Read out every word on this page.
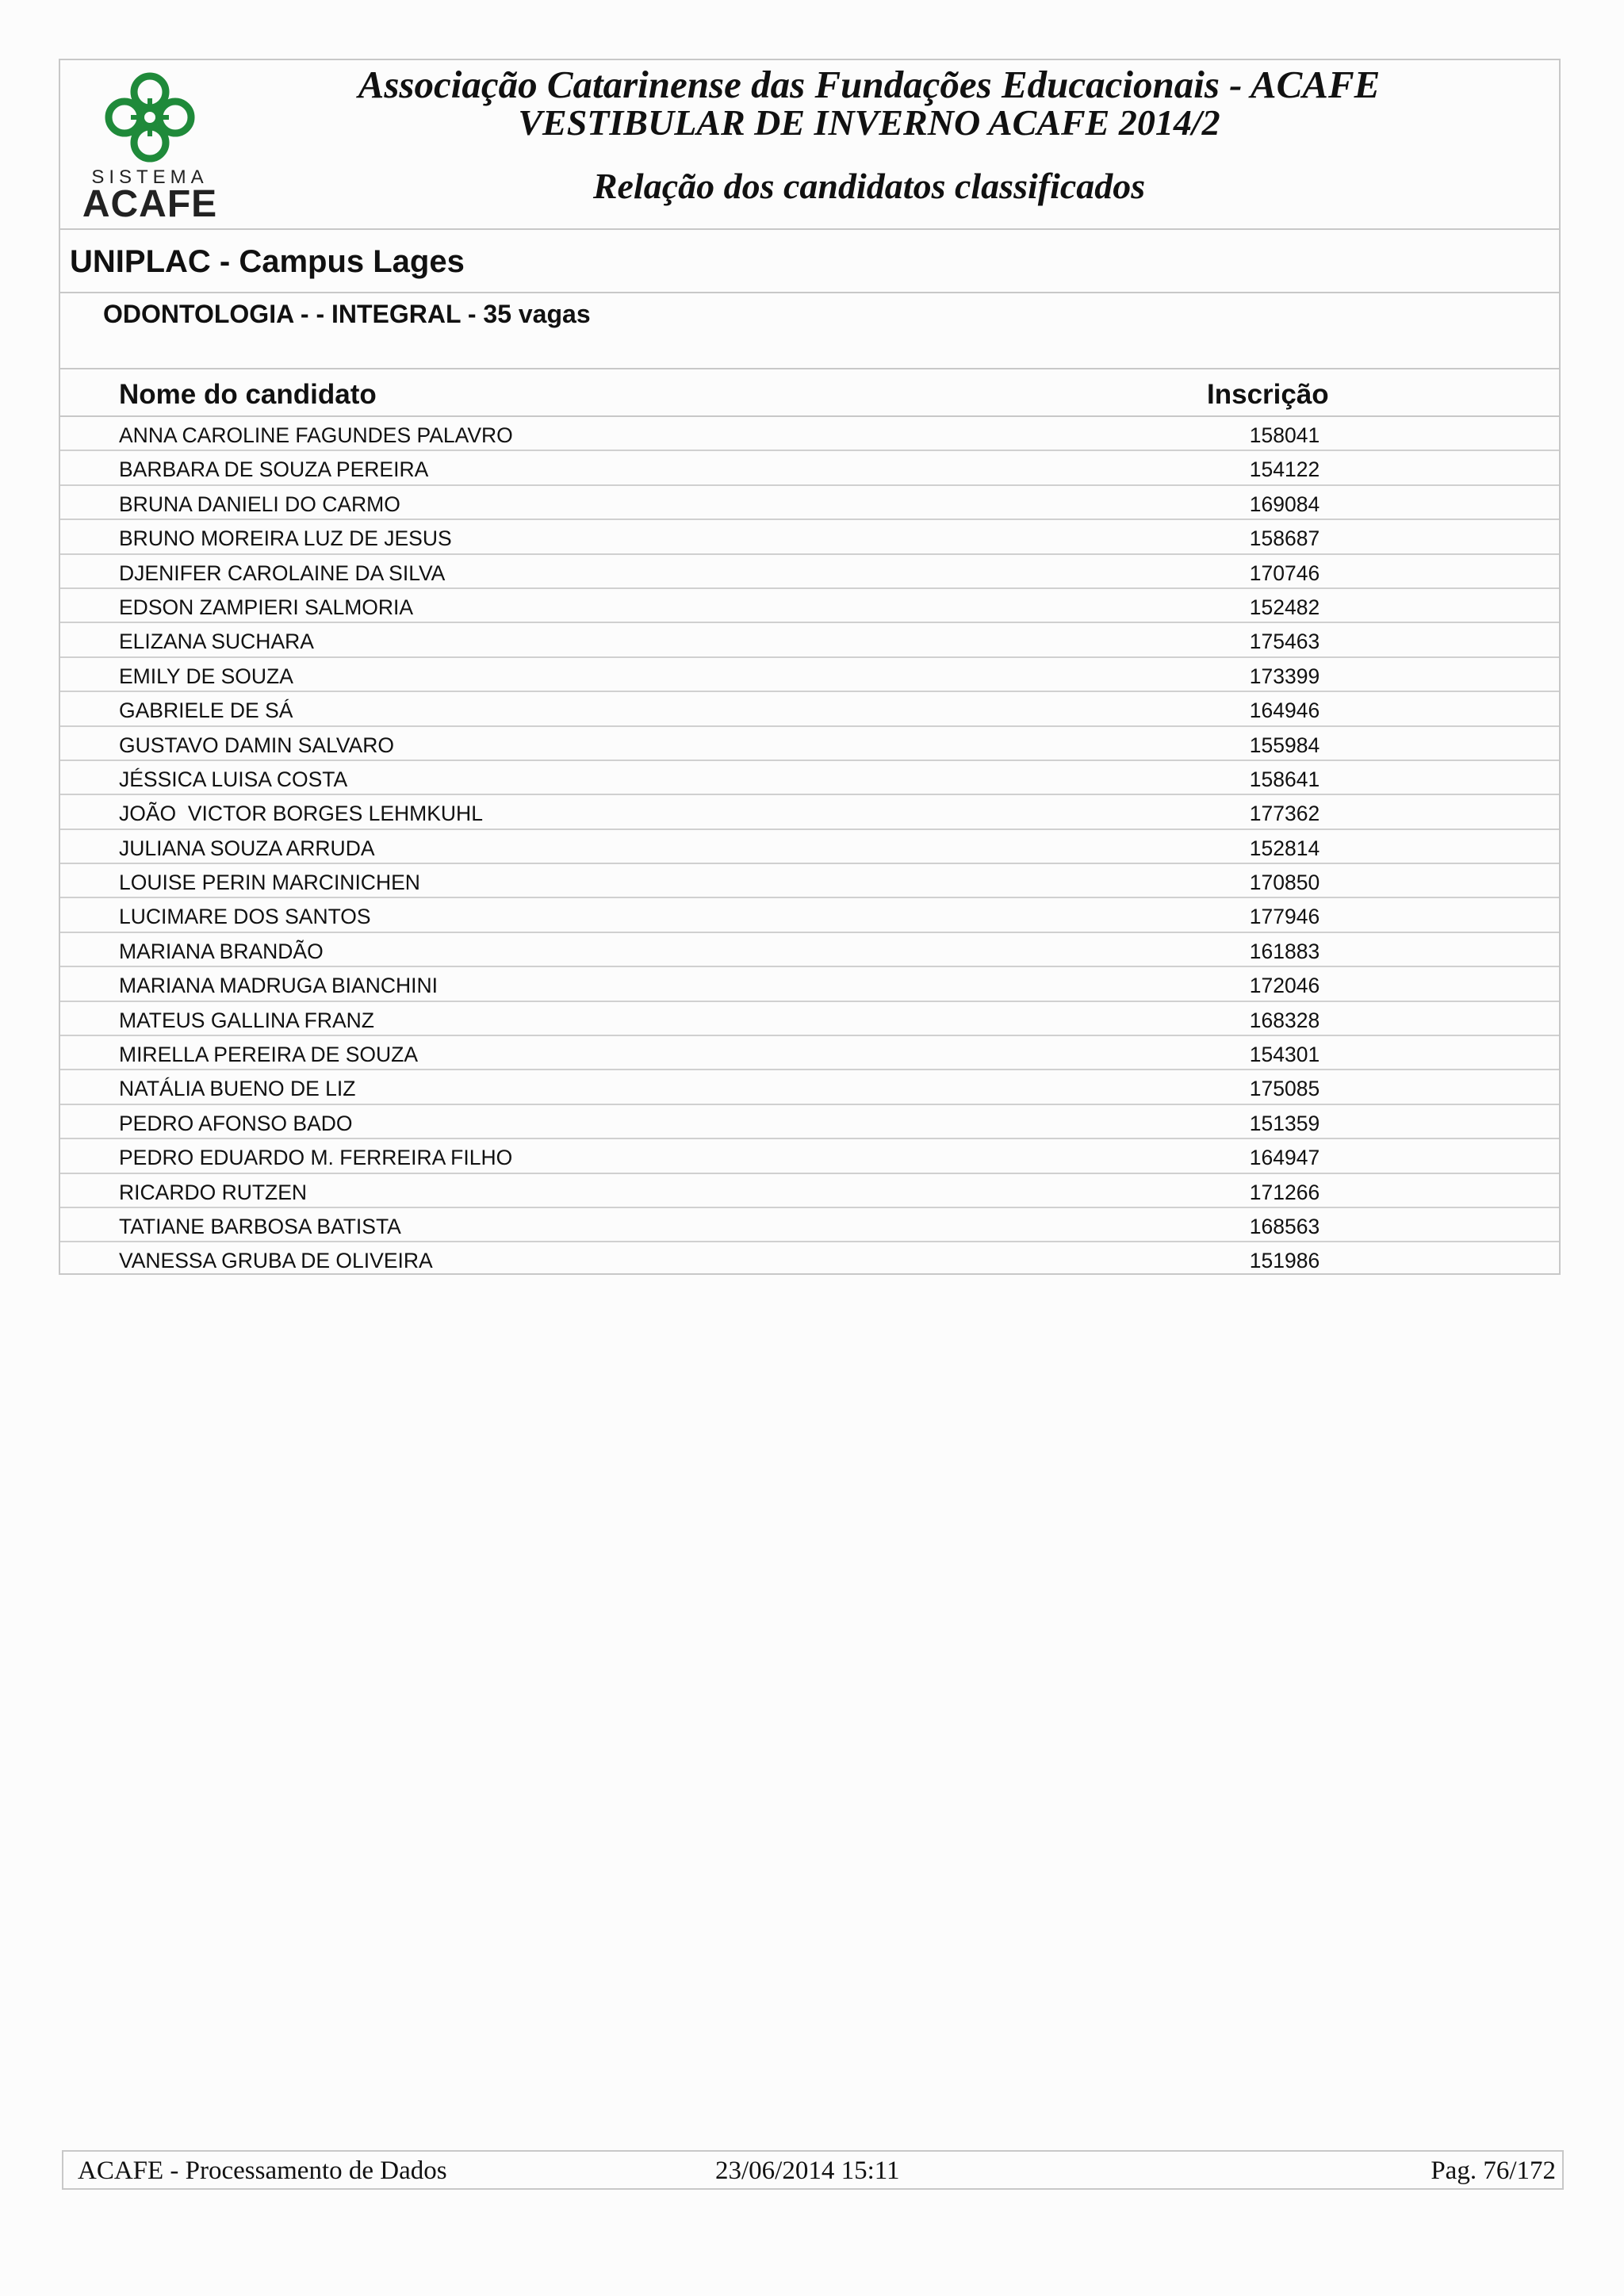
SISTEMA
ACAFE
Associação Catarinense das Fundações Educacionais - ACAFE
VESTIBULAR DE INVERNO ACAFE 2014/2
Relação dos candidatos classificados
UNIPLAC - Campus Lages
ODONTOLOGIA - - INTEGRAL - 35 vagas
Nome do candidato	Inscrição
ANNA CAROLINE FAGUNDES PALAVRO	158041
BARBARA DE SOUZA PEREIRA	154122
BRUNA DANIELI DO CARMO	169084
BRUNO MOREIRA LUZ DE JESUS	158687
DJENIFER CAROLAINE DA SILVA	170746
EDSON ZAMPIERI SALMORIA	152482
ELIZANA SUCHARA	175463
EMILY DE SOUZA	173399
GABRIELE DE SÁ	164946
GUSTAVO DAMIN SALVARO	155984
JÉSSICA LUISA COSTA	158641
JOÃO  VICTOR BORGES LEHMKUHL	177362
JULIANA SOUZA ARRUDA	152814
LOUISE PERIN MARCINICHEN	170850
LUCIMARE DOS SANTOS	177946
MARIANA BRANDÃO	161883
MARIANA MADRUGA BIANCHINI	172046
MATEUS GALLINA FRANZ	168328
MIRELLA PEREIRA DE SOUZA	154301
NATÁLIA BUENO DE LIZ	175085
PEDRO AFONSO BADO	151359
PEDRO EDUARDO M. FERREIRA FILHO	164947
RICARDO RUTZEN	171266
TATIANE BARBOSA BATISTA	168563
VANESSA GRUBA DE OLIVEIRA	151986
ACAFE - Processamento de Dados	23/06/2014 15:11	Pag. 76/172
